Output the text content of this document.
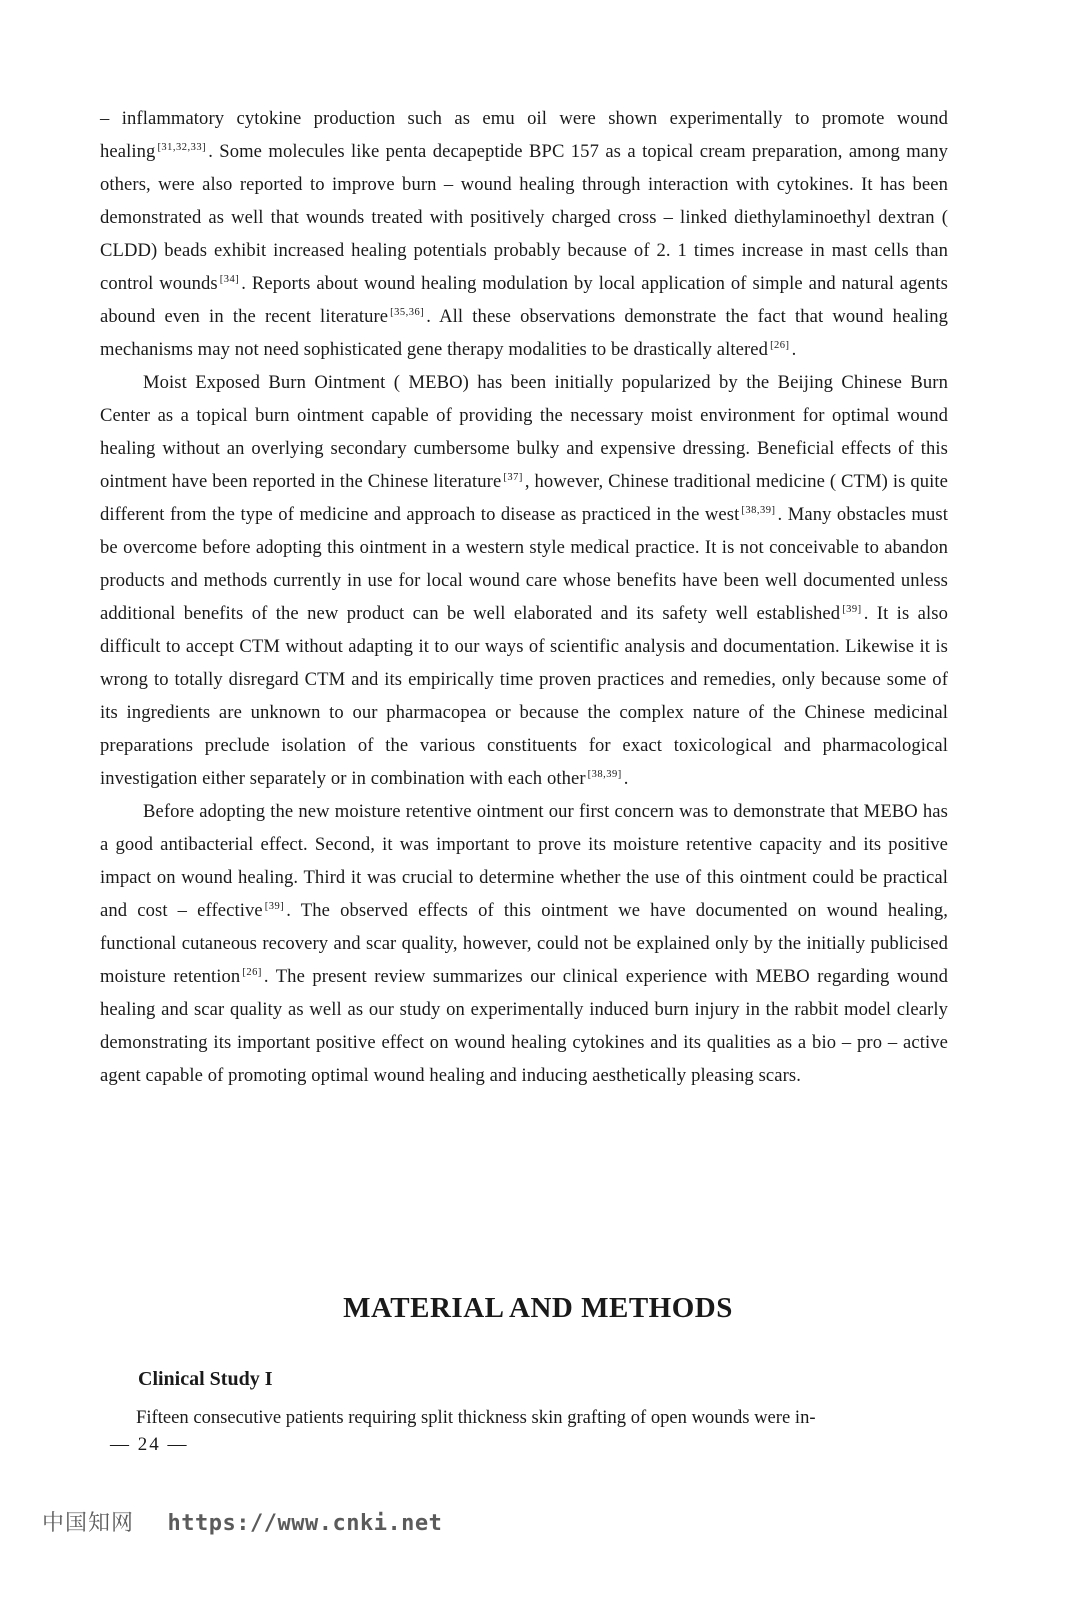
– inflammatory cytokine production such as emu oil were shown experimentally to promote wound healing [31,32,33] . Some molecules like penta decapeptide BPC 157 as a topical cream preparation, among many others, were also reported to improve burn – wound healing through interaction with cytokines. It has been demonstrated as well that wounds treated with positively charged cross – linked diethylaminoethyl dextran ( CLDD) beads exhibit increased healing potentials probably because of 2. 1 times increase in mast cells than control wounds [34] . Reports about wound healing modulation by local application of simple and natural agents abound even in the recent literature [35,36] . All these observations demonstrate the fact that wound healing mechanisms may not need sophisticated gene therapy modalities to be drastically altered [26] .

Moist Exposed Burn Ointment ( MEBO) has been initially popularized by the Beijing Chinese Burn Center as a topical burn ointment capable of providing the necessary moist environment for optimal wound healing without an overlying secondary cumbersome bulky and expensive dressing. Beneficial effects of this ointment have been reported in the Chinese literature [37] , however, Chinese traditional medicine ( CTM) is quite different from the type of medicine and approach to disease as practiced in the west [38,39] . Many obstacles must be overcome before adopting this ointment in a western style medical practice. It is not conceivable to abandon products and methods currently in use for local wound care whose benefits have been well documented unless additional benefits of the new product can be well elaborated and its safety well established [39] . It is also difficult to accept CTM without adapting it to our ways of scientific analysis and documentation. Likewise it is wrong to totally disregard CTM and its empirically time proven practices and remedies, only because some of its ingredients are unknown to our pharmacopea or because the complex nature of the Chinese medicinal preparations preclude isolation of the various constituents for exact toxicological and pharmacological investigation either separately or in combination with each other [38,39] .

Before adopting the new moisture retentive ointment our first concern was to demonstrate that MEBO has a good antibacterial effect. Second, it was important to prove its moisture retentive capacity and its positive impact on wound healing. Third it was crucial to determine whether the use of this ointment could be practical and cost – effective [39] . The observed effects of this ointment we have documented on wound healing, functional cutaneous recovery and scar quality, however, could not be explained only by the initially publicised moisture retention [26] . The present review summarizes our clinical experience with MEBO regarding wound healing and scar quality as well as our study on experimentally induced burn injury in the rabbit model clearly demonstrating its important positive effect on wound healing cytokines and its qualities as a bio – pro – active agent capable of promoting optimal wound healing and inducing aesthetically pleasing scars.

MATERIAL AND METHODS
Clinical Study I

Fifteen consecutive patients requiring split thickness skin grafting of open wounds were in-

— 24 —

中国知网 https://www.cnki.net
